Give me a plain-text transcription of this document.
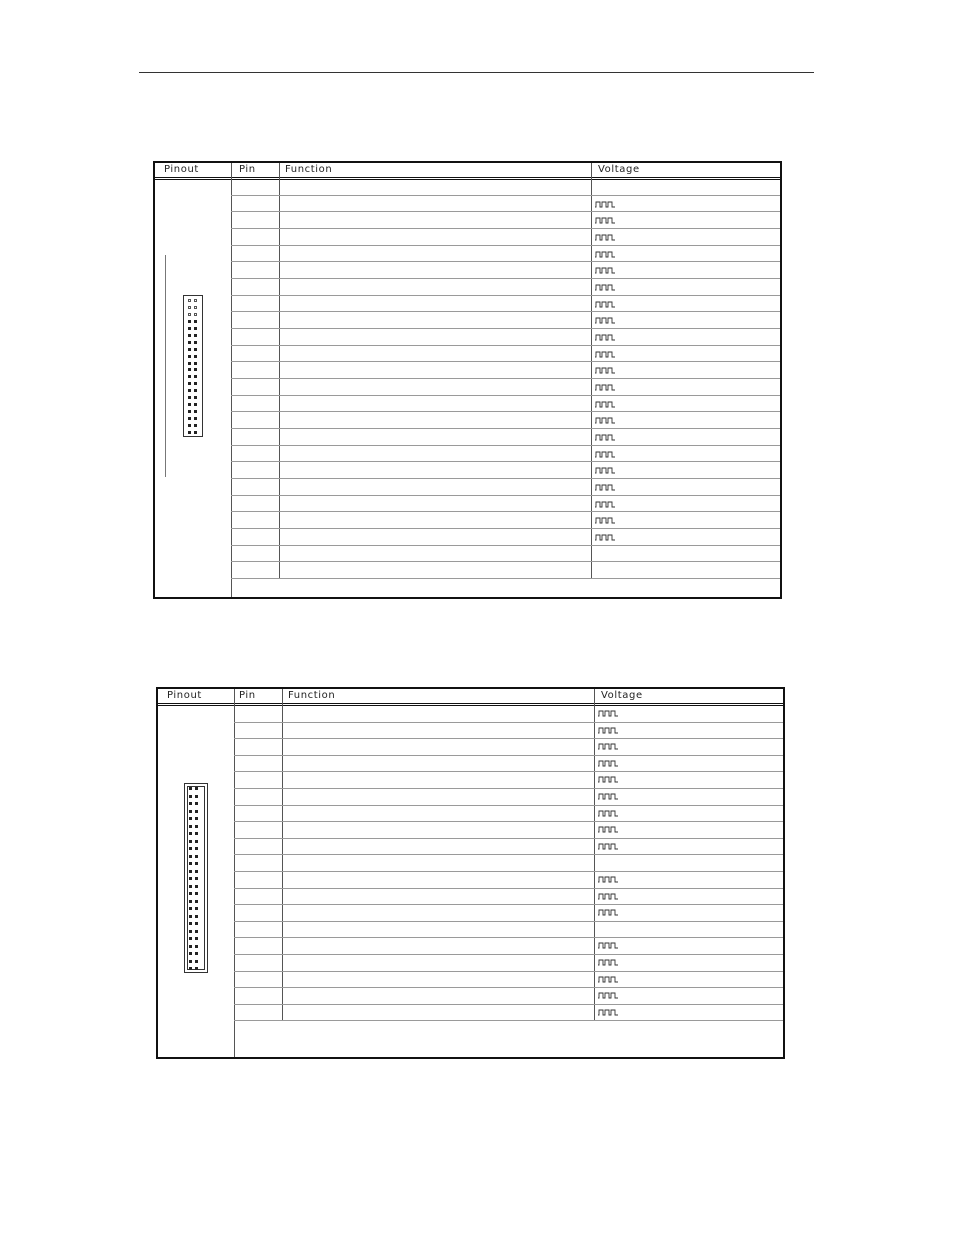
Pinout	Pin	Function	Voltage
Pinout	Pin	Function	Voltage
